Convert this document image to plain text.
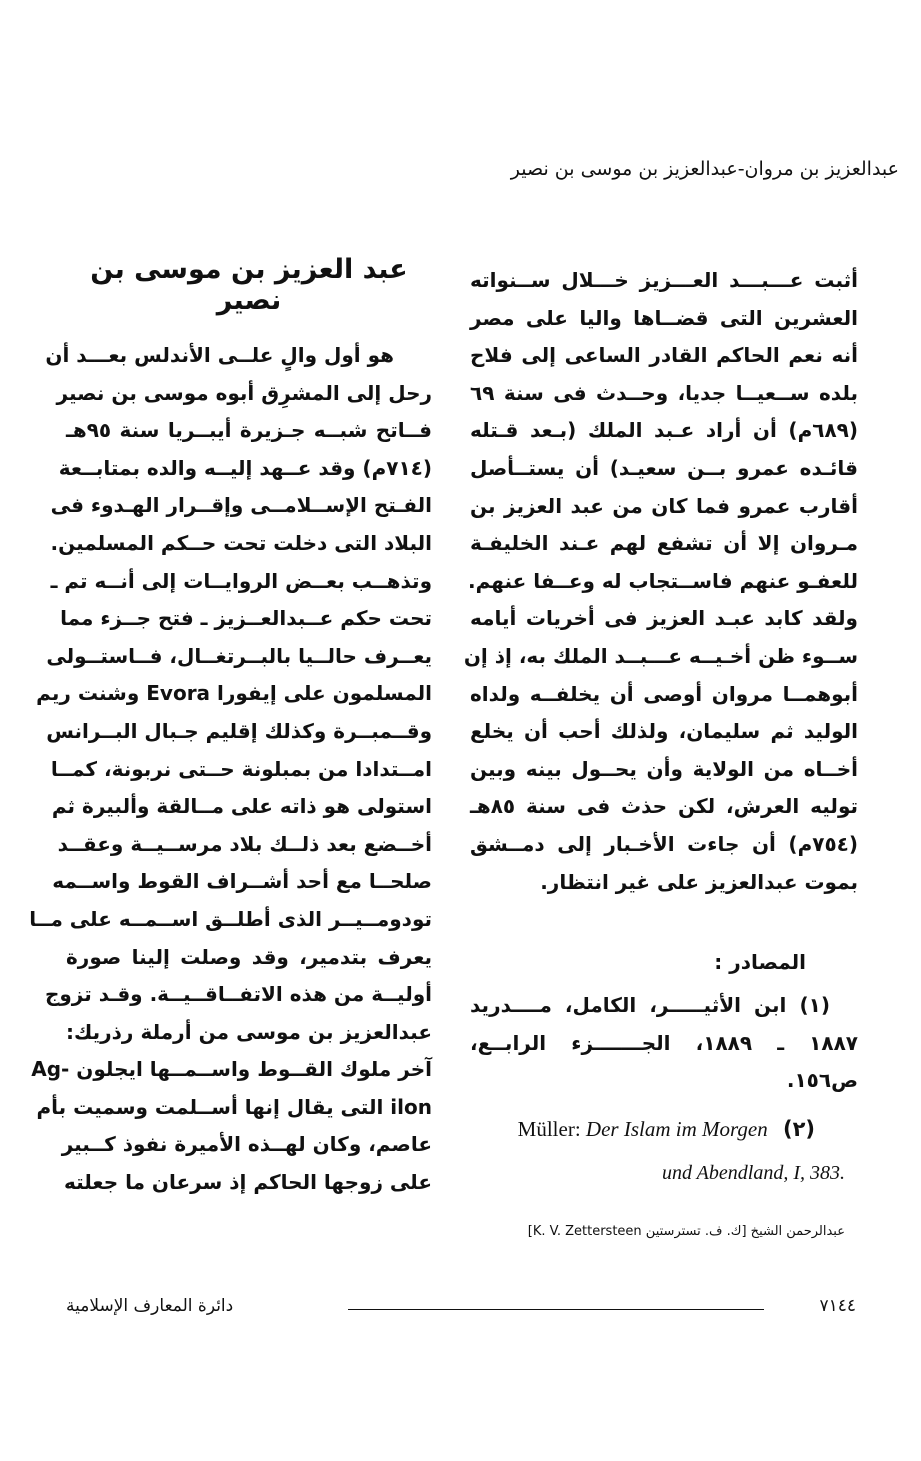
عبدالعزيز بن مروان-عبدالعزيز بن موسى بن نصير
أثبت عـــبـــد العـــزيز خـــلال ســنواته
العشرين التى قضــاها واليا على مصر
أنه نعم الحاكم القادر الساعى إلى فلاح
بلده ســعيــا جديا، وحــدث فى سنة ٦٩
(٦٨٩م) أن أراد عـبد الملك (بـعد قـتله
قائـده عمرو بــن سعيـد) أن يستــأصل
أقارب عمرو فما كان من عبد العزيز بن
مـروان إلا أن تشفع لهم عـند الخليفـة
للعفـو عنهم فاســتجاب له وعــفا عنهم.
ولقد كابد عبـد العزيز فى أخريات أيامه
ســوء ظن أخـيــه عـــبــد الملك به، إذ إن
أبوهمــا مروان أوصى أن يخلفــه ولداه
الوليد ثم سليمان، ولذلك أحب أن يخلع
أخــاه من الولاية وأن يحــول بينه وبين
توليه العرش، لكن حذث فى سنة ٨٥هـ
(٧٥٤م) أن جاءت الأخـبار إلى دمــشق
بموت عبدالعزيز على غير انتظار.
عبد العزيز بن موسى بن نصير
هو أول والٍ علــى الأندلس بعـــد أن
رحل إلى المشرِق أبوه موسى بن نصير
فــاتح شبــه جـزيرة أيبــريا سنة ٩٥هـ
(٧١٤م) وقد عــهد إليــه والده بمتابــعة
الفـتح الإســلامــى وإقــرار الهـدوء فى
البلاد التى دخلت تحت حــكم المسلمين.
وتذهــب بعــض الروايــات إلى أنــه تم ـ
تحت حكم عــبدالعــزيز ـ فتح جــزء مما
يعــرف حالــيا بالبــرتغــال، فــاستــولى
المسلمون على إيفورا Evora وشنت ريم
وقــمبــرة وكذلك إقليم جـبال البــرانس
امــتدادا من بمبلونة حــتى نربونة، كمــا
استولى هو ذاته على مــالقة وألبيرة ثم
أخــضع بعد ذلــك بلاد مرســيــة وعقــد
صلحــا مع أحد أشــراف القوط واســمه
تودومــيــر الذى أطلــق اســمــه على مــا
يعرف بتدمير، وقد وصلت إلينا صورة
أوليــة من هذه الاتفــاقــيــة. وقـد تزوج
عبدالعزيز بن موسى من أرملة رذريك:
آخر ملوك القــوط واســمــها ايجلون -Ag
ilon التى يقال إنها أســلمت وسميت بأم
عاصم، وكان لهــذه الأميرة نفوذ كــبير
على زوجها الحاكم إذ سرعان ما جعلته
المصادر :
(١) ابن الأثيـــــر، الكامل، مــــدريد
١٨٨٧ ـ ١٨٨٩، الجـــــــزء الرابــع،
ص١٥٦.
Müller: Der Islam im Morgen (٢)
und Abendland, I, 383.
عبدالرحمن الشيخ [ك. ف. تسترستين K. V. Zettersteen]
دائرة المعارف الإسلامية	٧١٤٤
